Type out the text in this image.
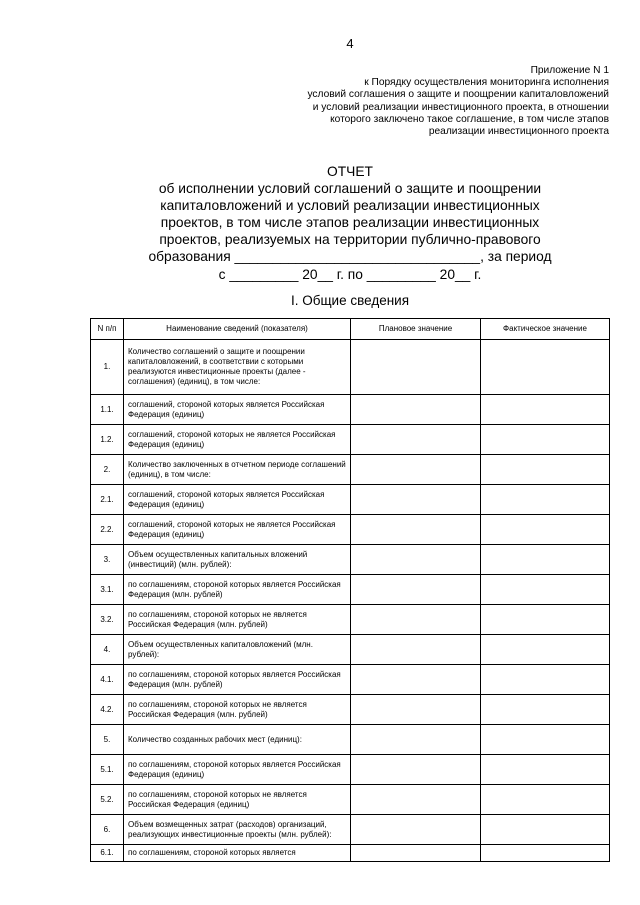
4
Приложение N 1
к Порядку осуществления мониторинга исполнения
условий соглашения о защите и поощрении капиталовложений
и условий реализации инвестиционного проекта, в отношении
которого заключено такое соглашение, в том числе этапов
реализации инвестиционного проекта
ОТЧЕТ
об исполнении условий соглашений о защите и поощрении
капиталовложений и условий реализации инвестиционных
проектов, в том числе этапов реализации инвестиционных
проектов, реализуемых на территории публично-правового
образования ________________________________, за период
с _________ 20__ г. по _________ 20__ г.
I. Общие сведения
N п/п	Наименование сведений (показателя)	Плановое значение	Фактическое значение
1.	Количество соглашений о защите и поощрении капиталовложений, в соответствии с которыми реализуются инвестиционные проекты (далее - соглашения) (единиц), в том числе:		
1.1.	соглашений, стороной которых является Российская Федерация (единиц)		
1.2.	соглашений, стороной которых не является Российская Федерация (единиц)		
2.	Количество заключенных в отчетном периоде соглашений (единиц), в том числе:		
2.1.	соглашений, стороной которых является Российская Федерация (единиц)		
2.2.	соглашений, стороной которых не является Российская Федерация (единиц)		
3.	Объем осуществленных капитальных вложений (инвестиций) (млн. рублей):		
3.1.	по соглашениям, стороной которых является Российская Федерация (млн. рублей)		
3.2.	по соглашениям, стороной которых не является Российская Федерация (млн. рублей)		
4.	Объем осуществленных капиталовложений (млн. рублей):		
4.1.	по соглашениям, стороной которых является Российская Федерация (млн. рублей)		
4.2.	по соглашениям, стороной которых не является Российская Федерация (млн. рублей)		
5.	Количество созданных рабочих мест (единиц):		
5.1.	по соглашениям, стороной которых является Российская Федерация (единиц)		
5.2.	по соглашениям, стороной которых не является Российская Федерация (единиц)		
6.	Объем возмещенных затрат (расходов) организаций, реализующих инвестиционные проекты (млн. рублей):		
6.1.	по соглашениям, стороной которых является		
